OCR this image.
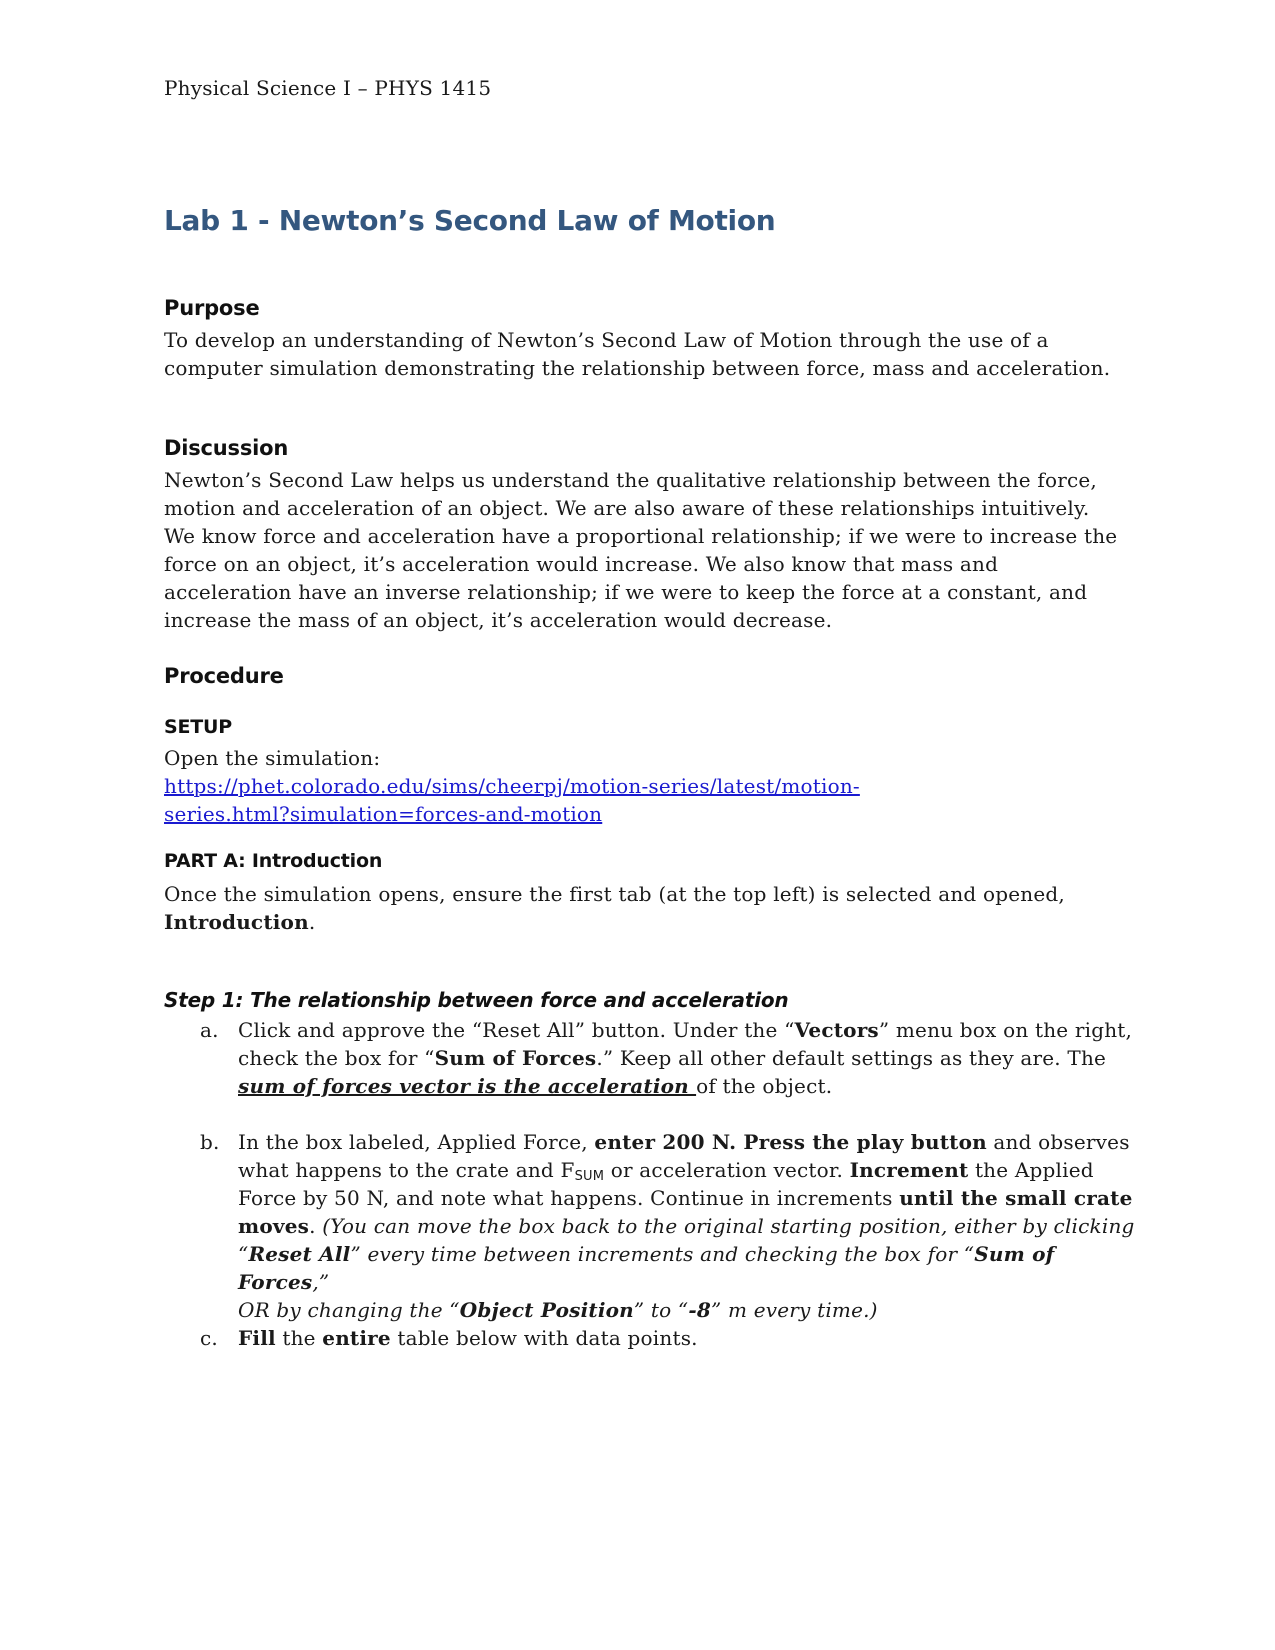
Physical Science I – PHYS 1415
Lab 1 - Newton’s Second Law of Motion
Purpose
To develop an understanding of Newton’s Second Law of Motion through the use of a
computer simulation demonstrating the relationship between force, mass and acceleration.
Discussion
Newton’s Second Law helps us understand the qualitative relationship between the force,
motion and acceleration of an object. We are also aware of these relationships intuitively.
We know force and acceleration have a proportional relationship; if we were to increase the
force on an object, it’s acceleration would increase. We also know that mass and
acceleration have an inverse relationship; if we were to keep the force at a constant, and
increase the mass of an object, it’s acceleration would decrease.
Procedure
SETUP
Open the simulation:
https://phet.colorado.edu/sims/cheerpj/motion-series/latest/motion-
series.html?simulation=forces-and-motion
PART A: Introduction
Once the simulation opens, ensure the first tab (at the top left) is selected and opened,
Introduction.
Step 1: The relationship between force and acceleration
a. Click and approve the “Reset All” button. Under the “Vectors” menu box on the right,
check the box for “Sum of Forces.” Keep all other default settings as they are. The
sum of forces vector is the acceleration of the object.
b. In the box labeled, Applied Force, enter 200 N. Press the play button and observes
what happens to the crate and $F_{SUM}$ or acceleration vector. Increment the Applied
Force by 50 N, and note what happens. Continue in increments until the small crate
moves. (You can move the box back to the original starting position, either by clicking
“Reset All” every time between increments and checking the box for “Sum of Forces,”
OR by changing the “Object Position” to “-8” m every time.)
c. Fill the entire table below with data points.
